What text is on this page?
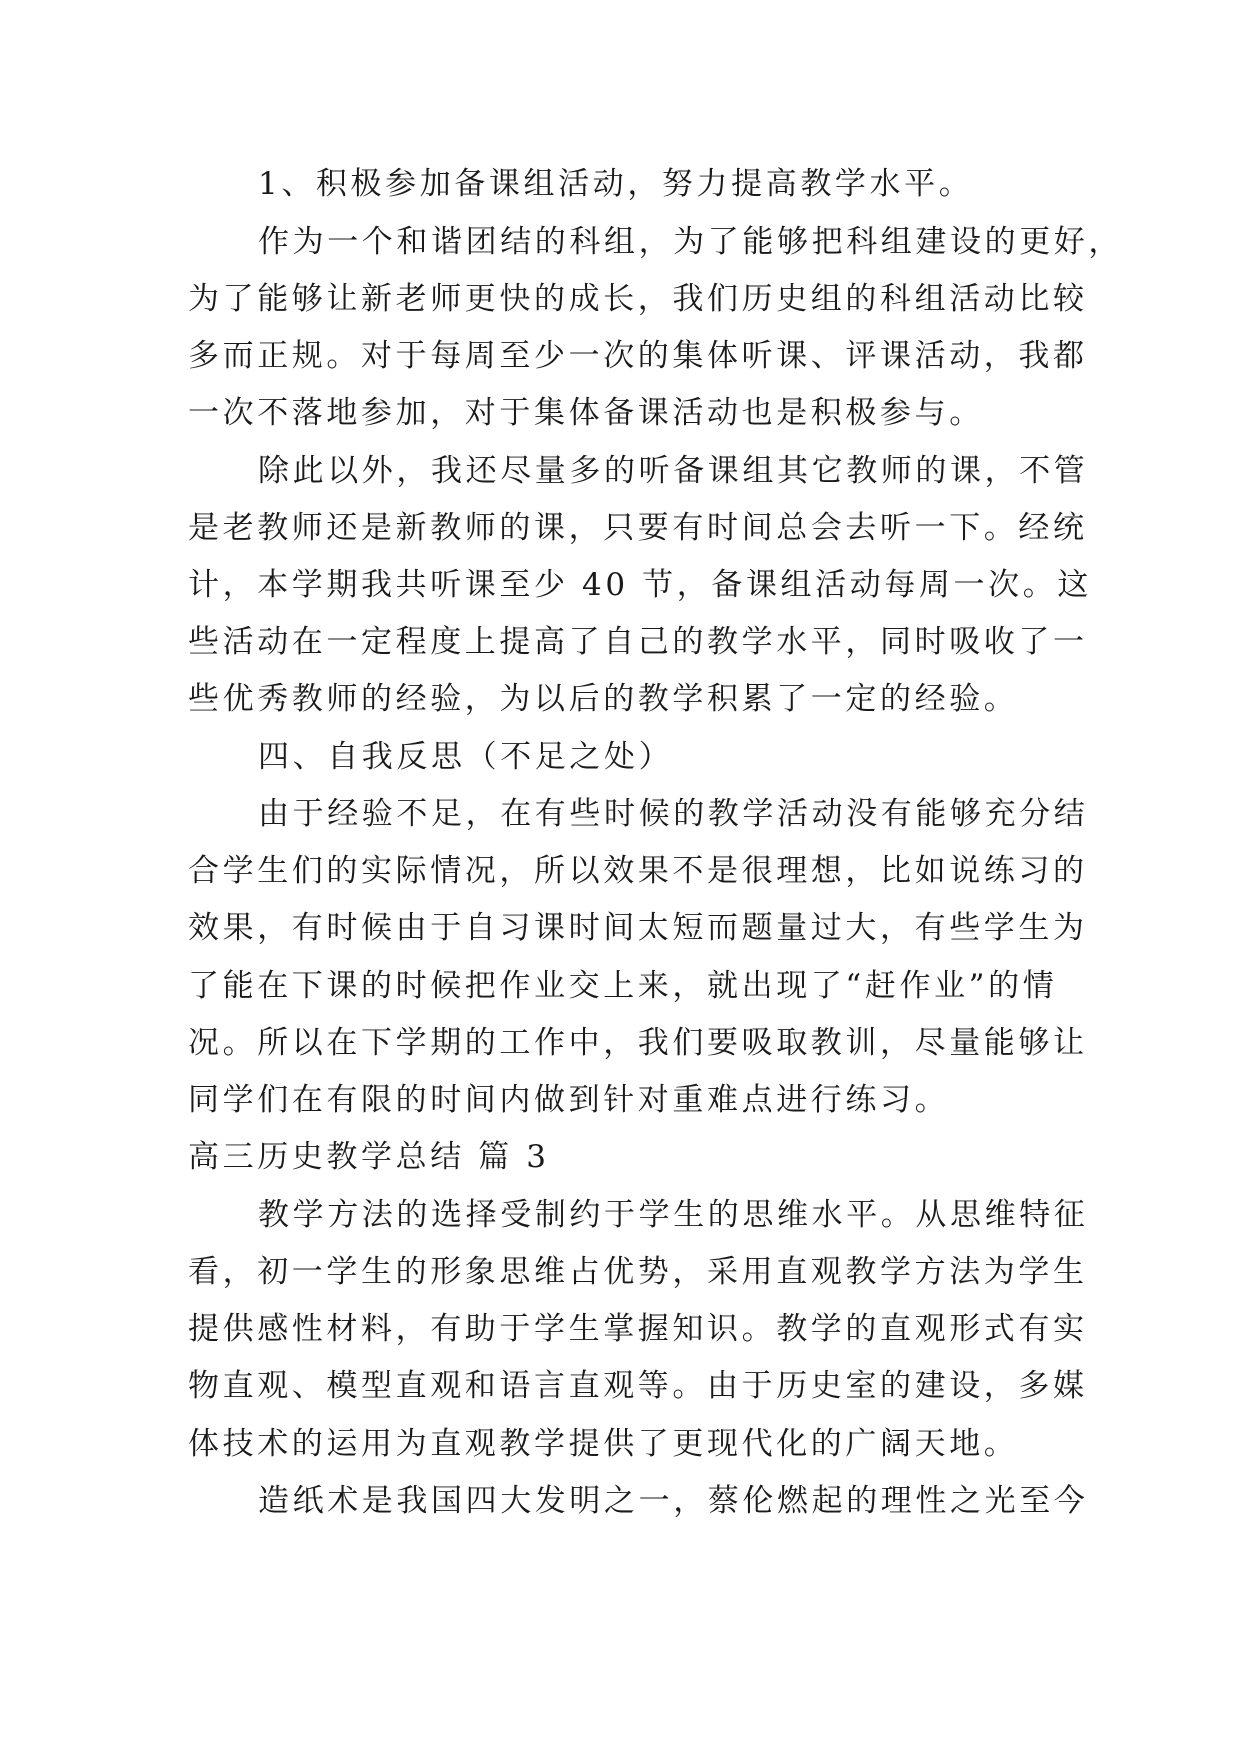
1、积极参加备课组活动，努力提高教学水平。
作为一个和谐团结的科组，为了能够把科组建设的更好，
为了能够让新老师更快的成长，我们历史组的科组活动比较
多而正规。对于每周至少一次的集体听课、评课活动，我都
一次不落地参加，对于集体备课活动也是积极参与。
除此以外，我还尽量多的听备课组其它教师的课，不管
是老教师还是新教师的课，只要有时间总会去听一下。经统
计，本学期我共听课至少 40 节，备课组活动每周一次。这
些活动在一定程度上提高了自己的教学水平，同时吸收了一
些优秀教师的经验，为以后的教学积累了一定的经验。
四、自我反思（不足之处）
由于经验不足，在有些时候的教学活动没有能够充分结
合学生们的实际情况，所以效果不是很理想，比如说练习的
效果，有时候由于自习课时间太短而题量过大，有些学生为
了能在下课的时候把作业交上来，就出现了“赶作业”的情
况。所以在下学期的工作中，我们要吸取教训，尽量能够让
同学们在有限的时间内做到针对重难点进行练习。
高三历史教学总结 篇 3
教学方法的选择受制约于学生的思维水平。从思维特征
看，初一学生的形象思维占优势，采用直观教学方法为学生
提供感性材料，有助于学生掌握知识。教学的直观形式有实
物直观、模型直观和语言直观等。由于历史室的建设，多媒
体技术的运用为直观教学提供了更现代化的广阔天地。
造纸术是我国四大发明之一，蔡伦燃起的理性之光至今
